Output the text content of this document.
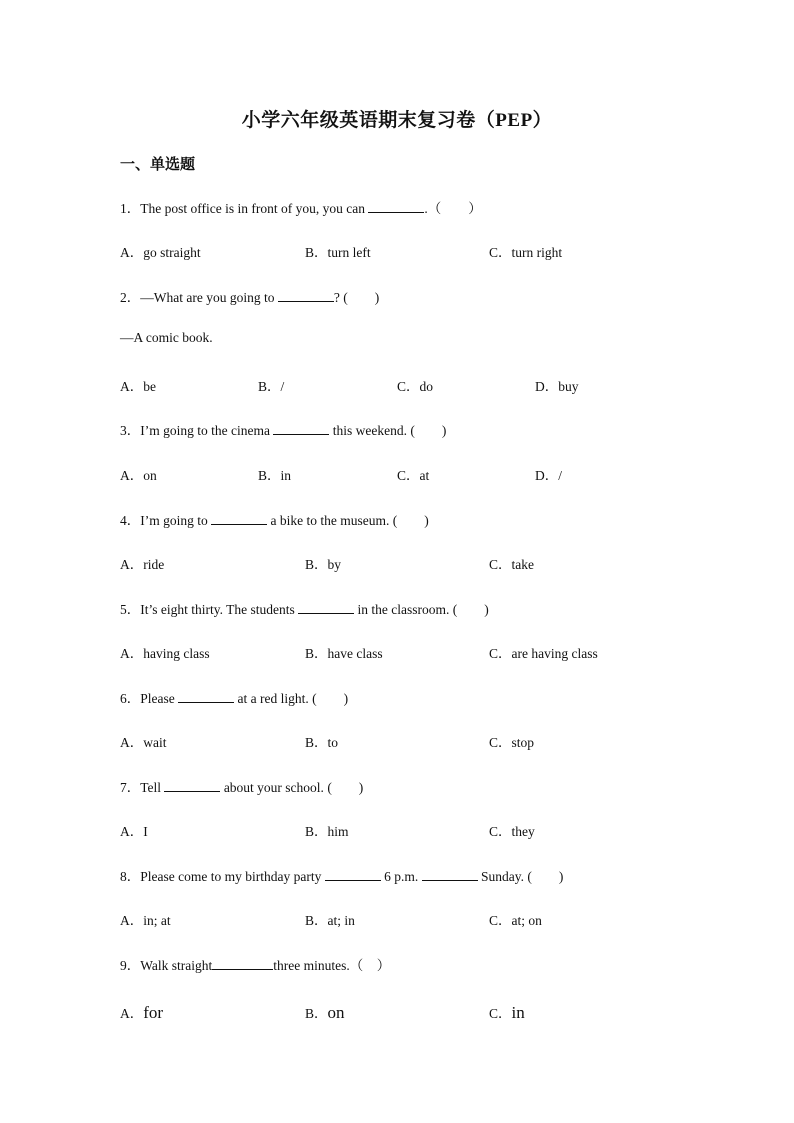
小学六年级英语期末复习卷（PEP）
一、单选题
1．The post office is in front of you, you can	.（　　）
A．go straight	B．turn left	C．turn right
2．—What are you going to	? (　　)
—A comic book.
A．be	B．/	C．do	D．buy
3．I’m going to the cinema	this weekend. (　　)
A．on	B．in	C．at	D．/
4．I’m going to	a bike to the museum. (　　)
A．ride	B．by	C．take
5．It’s eight thirty. The students	in the classroom. (　　)
A．having class	B．have class	C．are having class
6．Please	at a red light. (　　)
A．wait	B．to	C．stop
7．Tell	about your school. (　　)
A．I	B．him	C．they
8．Please come to my birthday party	6 p.m.	Sunday. (　　)
A．in; at	B．at; in	C．at; on
9．Walk straight	three minutes.（　）
A．for	B．on	C．in
